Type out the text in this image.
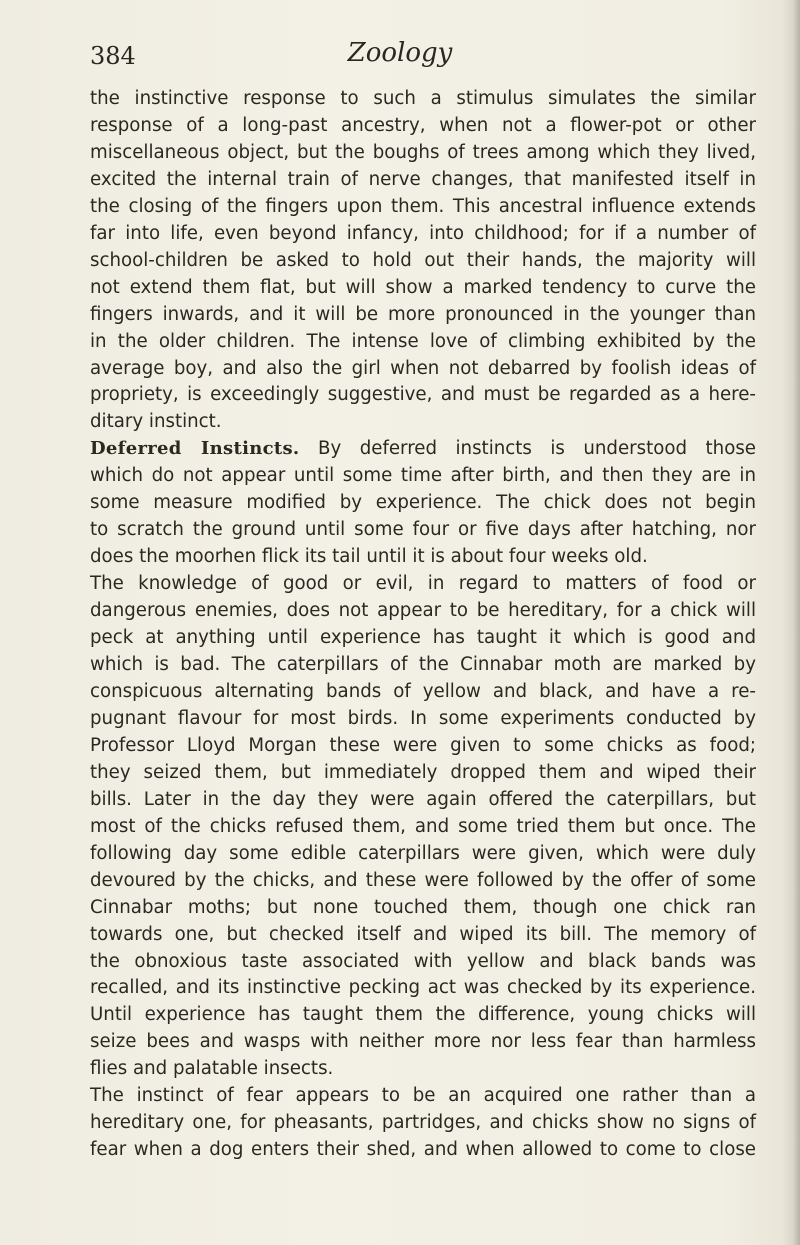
384	Zoology

the instinctive response to such a stimulus simulates the similar
response of a long-past ancestry, when not a flower-pot or other
miscellaneous object, but the boughs of trees among which they lived,
excited the internal train of nerve changes, that manifested itself in
the closing of the fingers upon them. This ancestral influence extends
far into life, even beyond infancy, into childhood; for if a number of
school-children be asked to hold out their hands, the majority will
not extend them flat, but will show a marked tendency to curve the
fingers inwards, and it will be more pronounced in the younger than
in the older children. The intense love of climbing exhibited by the
average boy, and also the girl when not debarred by foolish ideas of
propriety, is exceedingly suggestive, and must be regarded as a here-
ditary instinct.

Deferred Instincts. By deferred instincts is understood those
which do not appear until some time after birth, and then they are in
some measure modified by experience. The chick does not begin
to scratch the ground until some four or five days after hatching, nor
does the moorhen flick its tail until it is about four weeks old.

The knowledge of good or evil, in regard to matters of food or
dangerous enemies, does not appear to be hereditary, for a chick will
peck at anything until experience has taught it which is good and
which is bad. The caterpillars of the Cinnabar moth are marked by
conspicuous alternating bands of yellow and black, and have a re-
pugnant flavour for most birds. In some experiments conducted by
Professor Lloyd Morgan these were given to some chicks as food;
they seized them, but immediately dropped them and wiped their
bills. Later in the day they were again offered the caterpillars, but
most of the chicks refused them, and some tried them but once. The
following day some edible caterpillars were given, which were duly
devoured by the chicks, and these were followed by the offer of some
Cinnabar moths; but none touched them, though one chick ran
towards one, but checked itself and wiped its bill. The memory of
the obnoxious taste associated with yellow and black bands was
recalled, and its instinctive pecking act was checked by its experience.
Until experience has taught them the difference, young chicks will
seize bees and wasps with neither more nor less fear than harmless
flies and palatable insects.

The instinct of fear appears to be an acquired one rather than a
hereditary one, for pheasants, partridges, and chicks show no signs of
fear when a dog enters their shed, and when allowed to come to close
